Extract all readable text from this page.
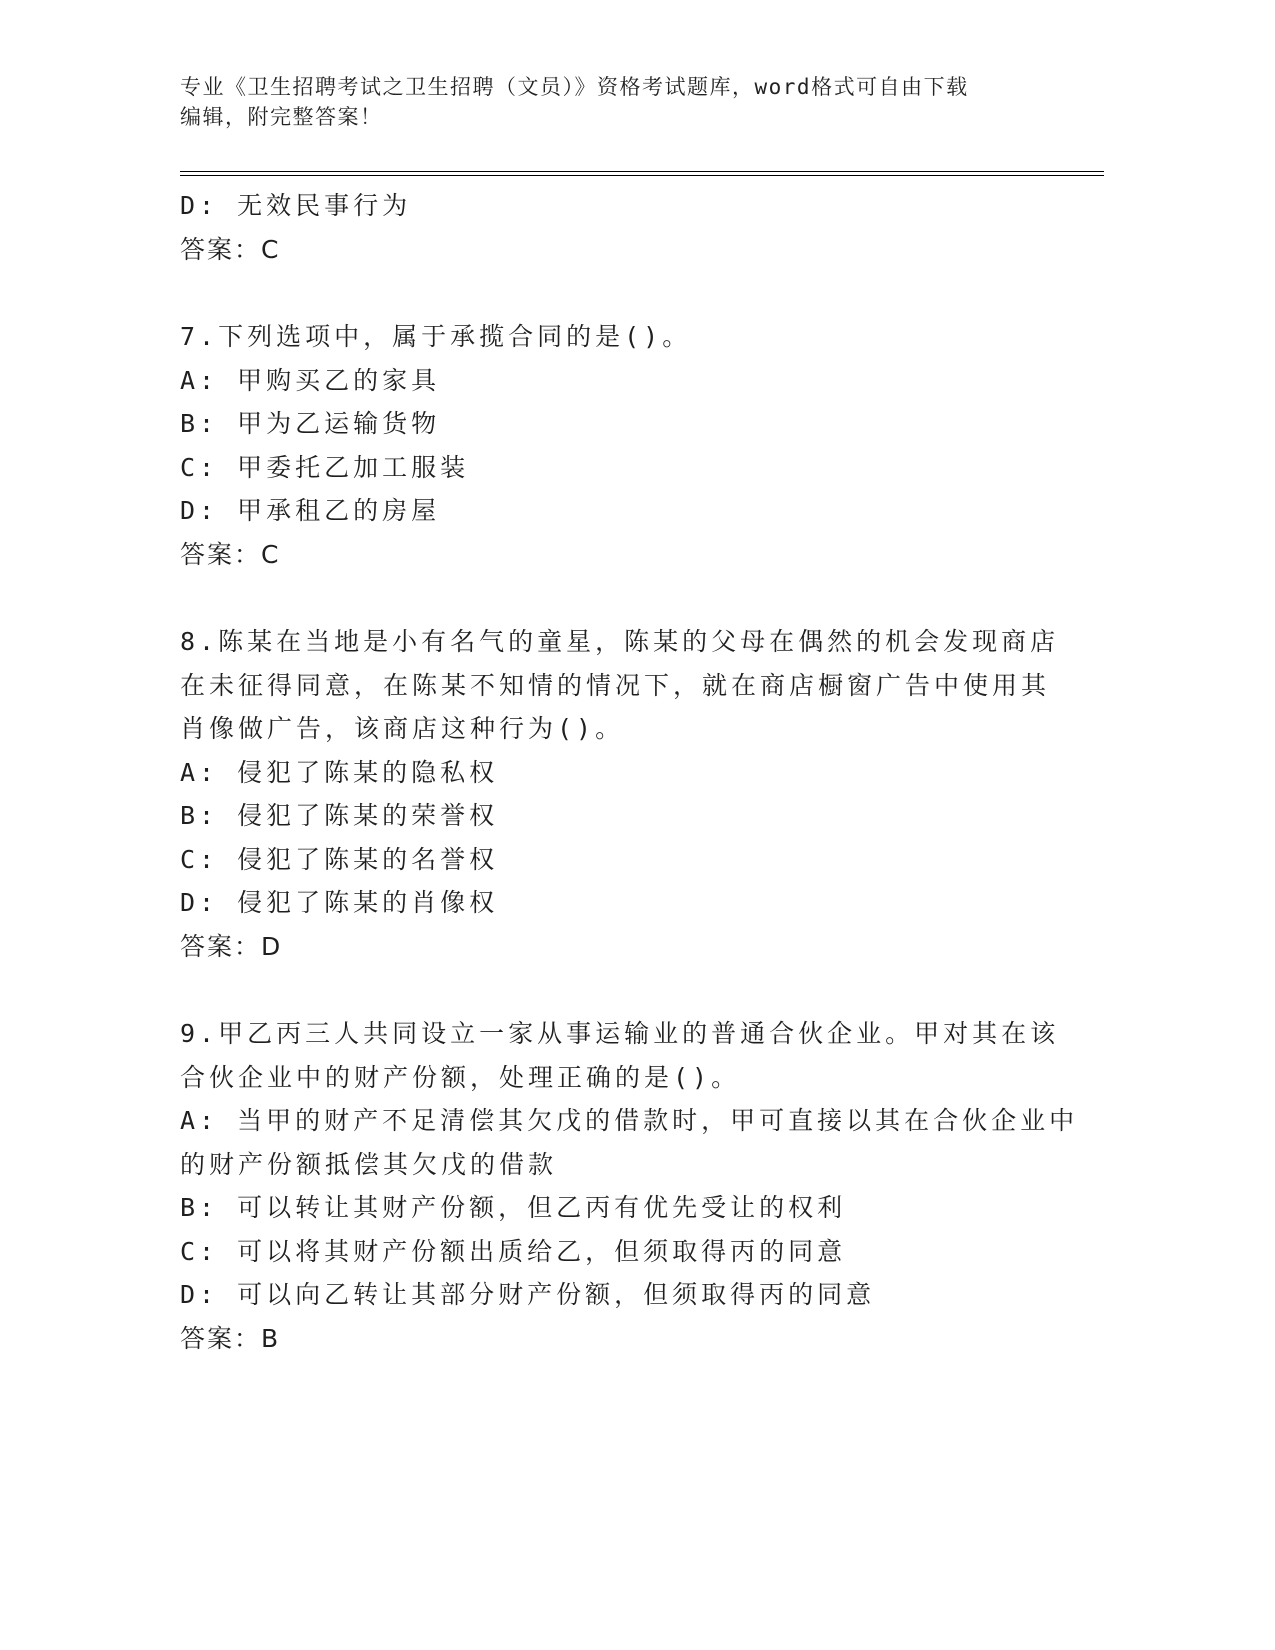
专业《卫生招聘考试之卫生招聘（文员）》资格考试题库，word格式可自由下载
编辑，附完整答案！
D: 无效民事行为
答案：C
7.下列选项中，属于承揽合同的是()。
A: 甲购买乙的家具
B: 甲为乙运输货物
C: 甲委托乙加工服装
D: 甲承租乙的房屋
答案：C
8.陈某在当地是小有名气的童星，陈某的父母在偶然的机会发现商店
在未征得同意，在陈某不知情的情况下，就在商店橱窗广告中使用其
肖像做广告，该商店这种行为()。
A: 侵犯了陈某的隐私权
B: 侵犯了陈某的荣誉权
C: 侵犯了陈某的名誉权
D: 侵犯了陈某的肖像权
答案：D
9.甲乙丙三人共同设立一家从事运输业的普通合伙企业。甲对其在该
合伙企业中的财产份额，处理正确的是()。
A: 当甲的财产不足清偿其欠戊的借款时，甲可直接以其在合伙企业中
的财产份额抵偿其欠戊的借款
B: 可以转让其财产份额，但乙丙有优先受让的权利
C: 可以将其财产份额出质给乙，但须取得丙的同意
D: 可以向乙转让其部分财产份额，但须取得丙的同意
答案：B
